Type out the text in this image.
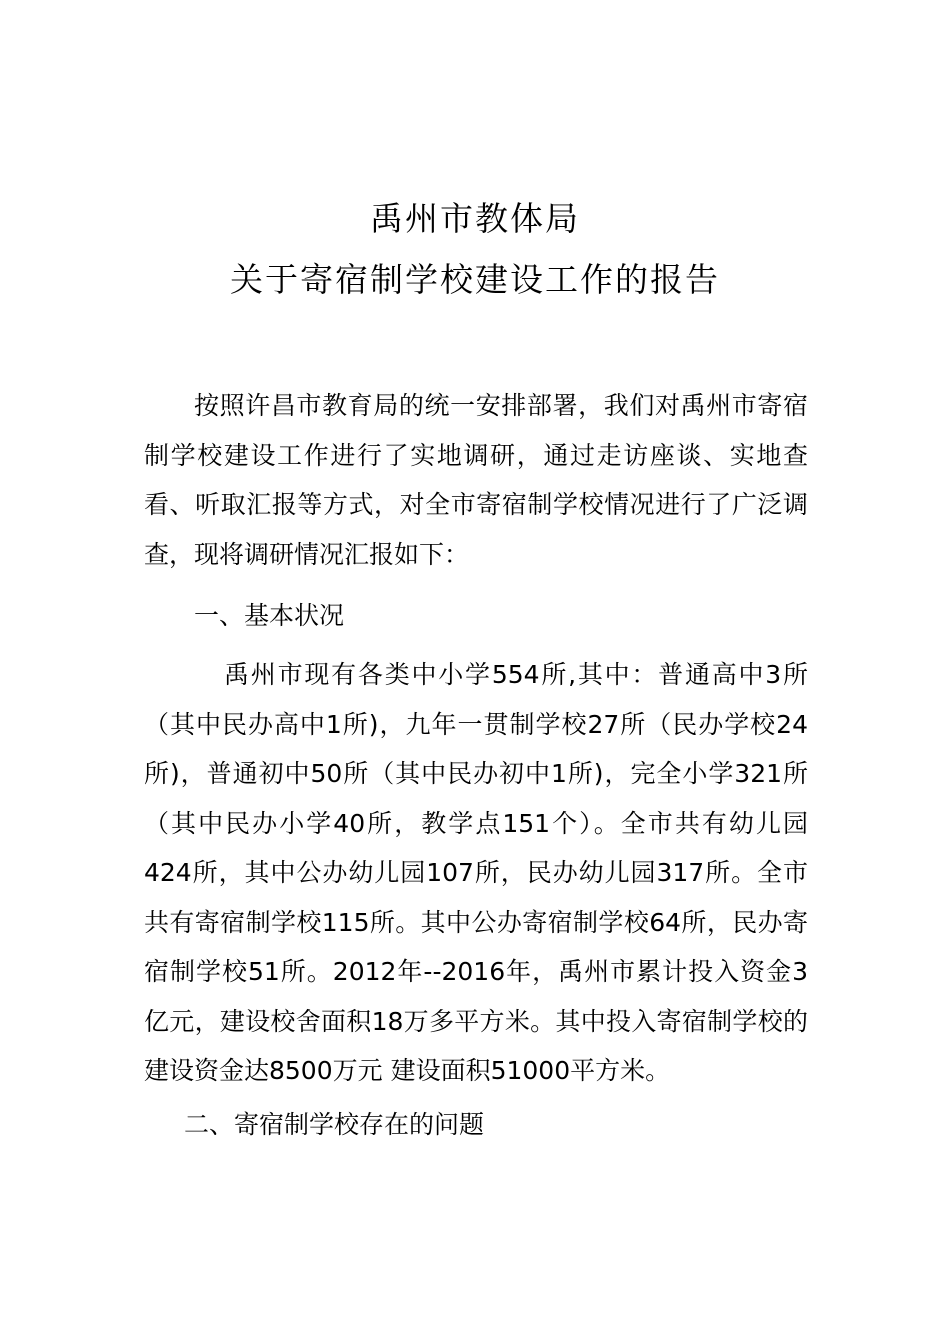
禹州市教体局
关于寄宿制学校建设工作的报告
按照许昌市教育局的统一安排部署，我们对禹州市寄宿制学校建设工作进行了实地调研，通过走访座谈、实地查看、听取汇报等方式，对全市寄宿制学校情况进行了广泛调查，现将调研情况汇报如下：
一、基本状况
禹州市现有各类中小学554所,其中：普通高中3所（其中民办高中1所)，九年一贯制学校27所（民办学校24所)，普通初中50所（其中民办初中1所)，完全小学321所（其中民办小学40所，教学点151个）。全市共有幼儿园424所，其中公办幼儿园107所，民办幼儿园317所。全市共有寄宿制学校115所。其中公办寄宿制学校64所，民办寄宿制学校51所。2012年--2016年，禹州市累计投入资金3亿元，建设校舍面积18万多平方米。其中投入寄宿制学校的建设资金达8500万元 建设面积51000平方米。
二、寄宿制学校存在的问题
